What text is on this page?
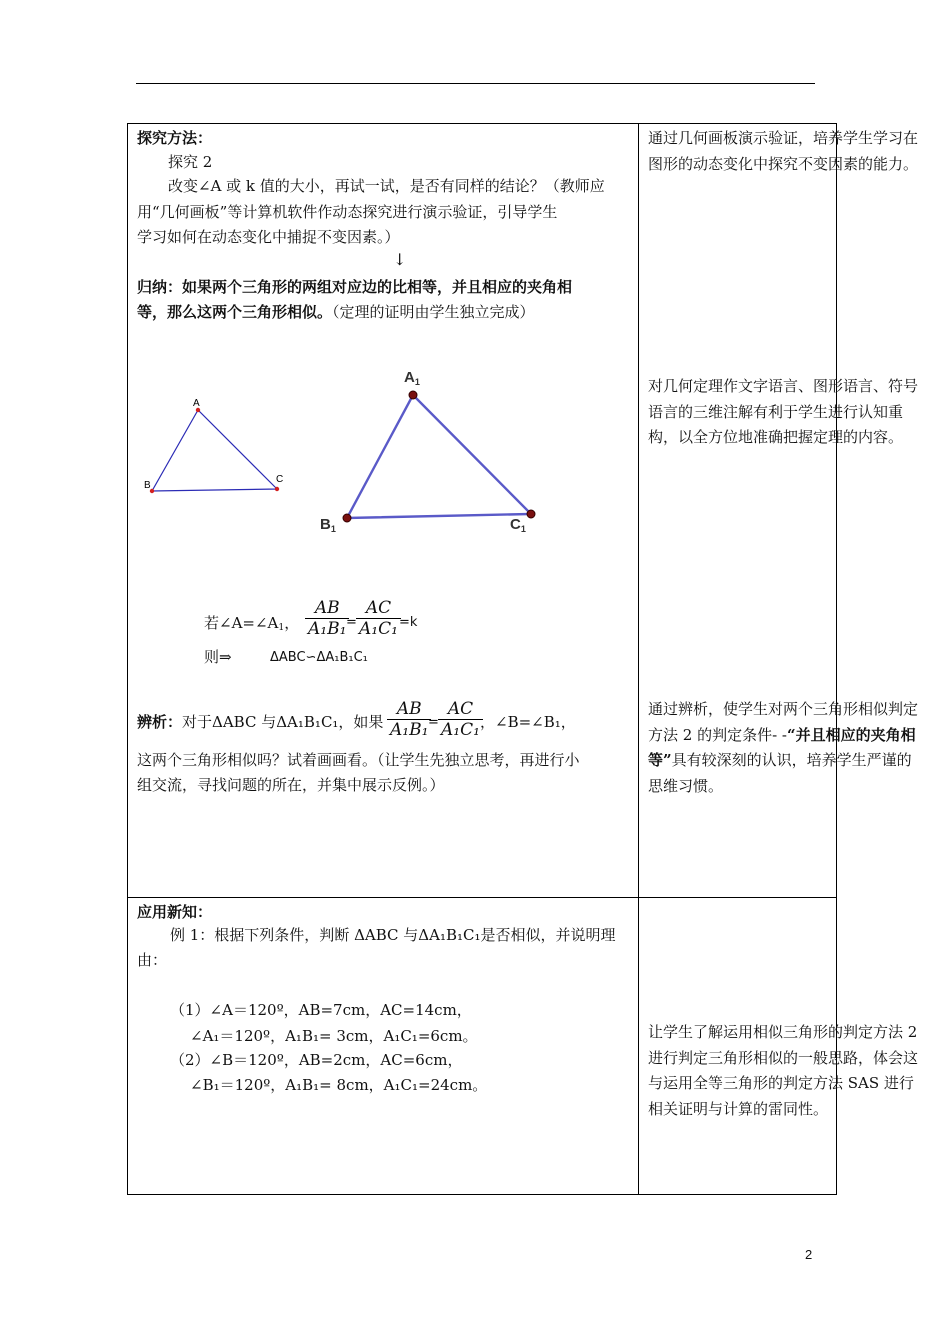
探究方法：
探究 2
改变∠A 或 k 值的大小，再试一试，是否有同样的结论？（教师应
用“几何画板”等计算机软件作动态探究进行演示验证，引导学生
学习如何在动态变化中捕捉不变因素。）
↓
归纳：如果两个三角形的两组对应边的比相等，并且相应的夹角相
等，那么这两个三角形相似。（定理的证明由学生独立完成）
A
B
C
$A_1$
$B_1$	$C_1$
若$\angle A=\angle A_1$， $\frac{AB}{\text{A₁B₁}}$
= $\frac{AC}{\text{A₁C₁}}$
=k
则⇒	ΔABC∽ΔA₁B₁C₁
辨析：对于ΔABC 与ΔA₁B₁C₁，如果 $\frac{AB}{\text{A₁B₁}}$
= $\frac{AC}{\text{A₁C₁}}$
，∠B=∠B₁，
这两个三角形相似吗？试着画画看。（让学生先独立思考，再进行小
组交流，寻找问题的所在，并集中展示反例。）
应用新知：
例 1：根据下列条件，判断 ΔABC 与ΔA₁B₁C₁是否相似，并说明理
由：
（1）∠A＝120º，AB=7cm，AC=14cm，
∠A₁＝120º，A₁B₁= 3cm，A₁C₁=6cm。
（2）∠B＝120º，AB=2cm，AC=6cm，
∠B₁＝120º，A₁B₁= 8cm，A₁C₁=24cm。
通过几何画板演示验证，培养学生学习在图形的动态变化中探究不变因素的能力。
对几何定理作文字语言、图形语言、符号语言的三维注解有利于学生进行认知重构，以全方位地准确把握定理的内容。
通过辨析，使学生对两个三角形相似判定方法 2 的判定条件- -“并且相应的夹角相等”具有较深刻的认识，培养学生严谨的思维习惯。
让学生了解运用相似三角形的判定方法 2 进行判定三角形相似的一般思路，体会这与运用全等三角形的判定方法 SAS 进行相关证明与计算的雷同性。
2
